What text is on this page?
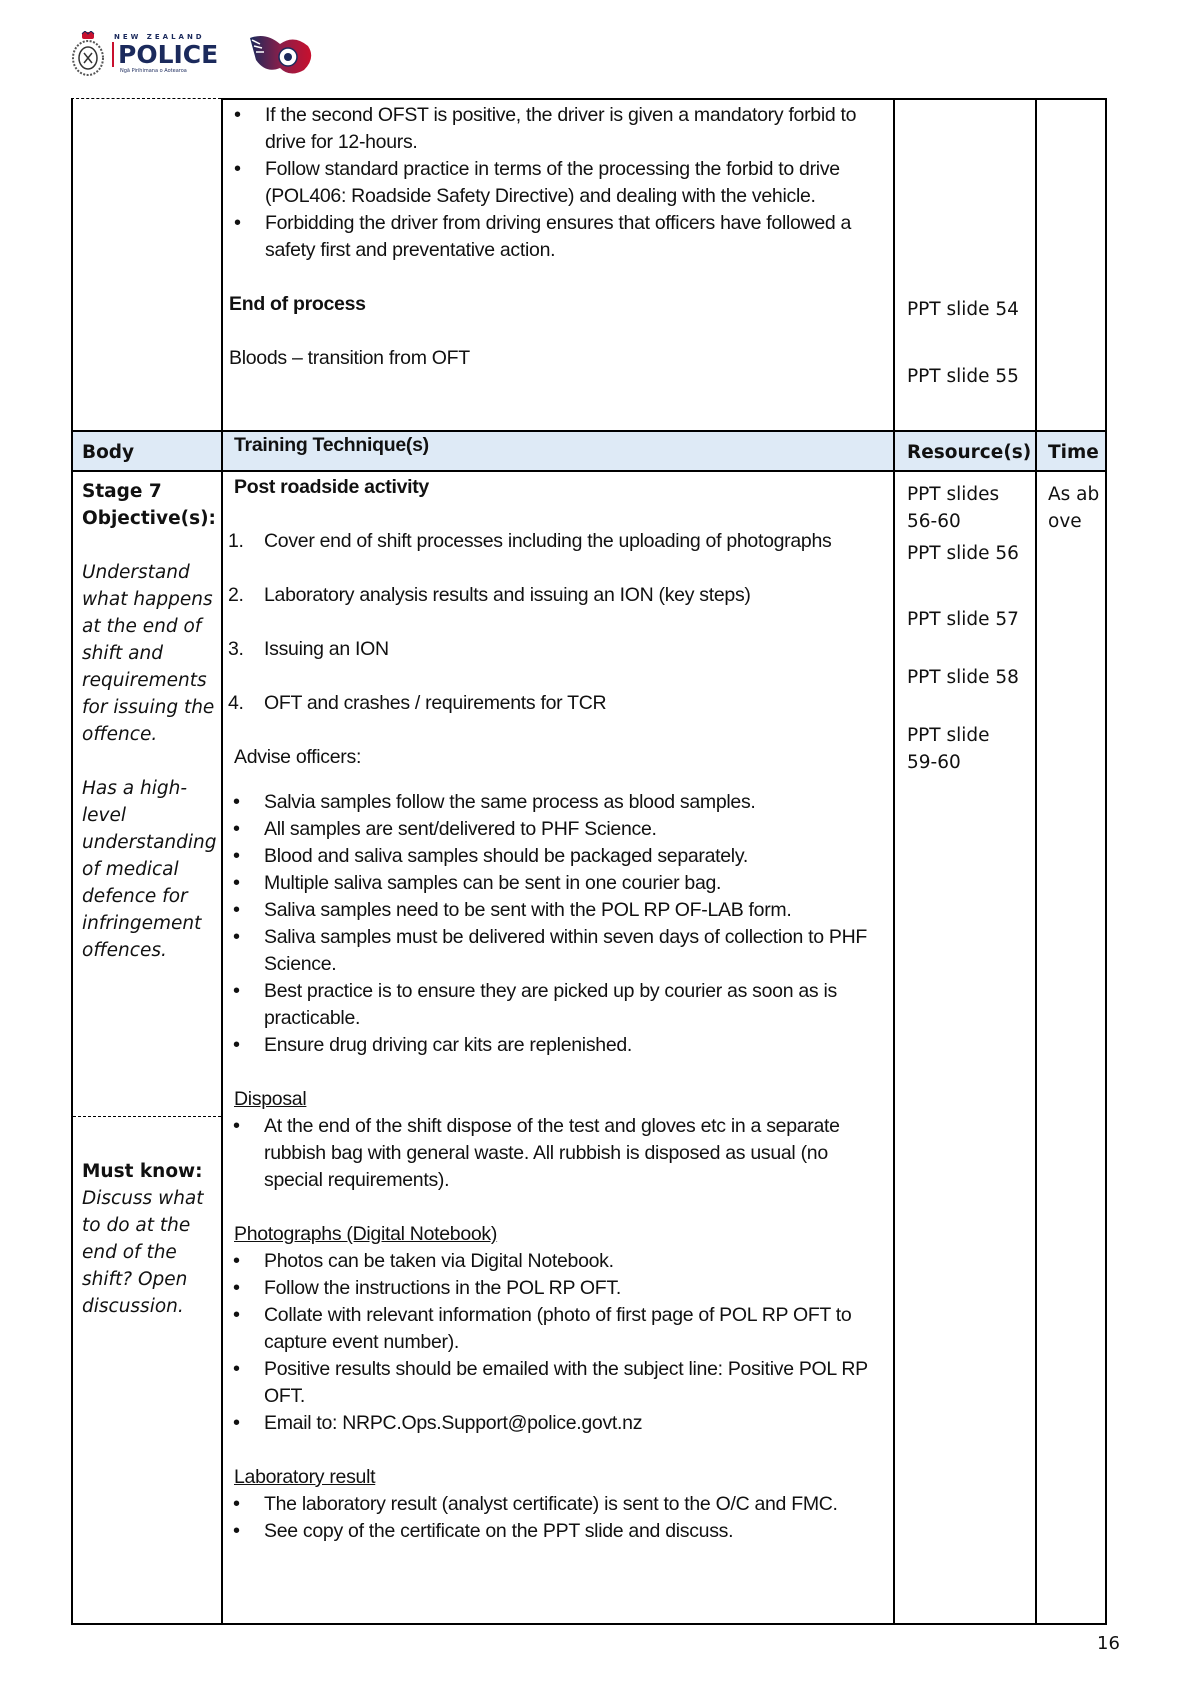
NEW ZEALAND
POLICE
Ngā Pirihimana o Aotearoa
• If the second OFST is positive, the driver is given a mandatory forbid to drive for 12-hours.
• Follow standard practice in terms of the processing the forbid to drive (POL406: Roadside Safety Directive) and dealing with the vehicle.
• Forbidding the driver from driving ensures that officers have followed a safety first and preventative action.
End of process
Bloods – transition from OFT
PPT slide 54
PPT slide 55
Body	Training Technique(s)	Resource(s) Time
Stage 7 Objective(s):
Understand what happens at the end of shift and requirements for issuing the offence.
Has a high-level understanding of medical defence for infringement offences.
Must know:
Discuss what to do at the end of the shift? Open discussion.
Post roadside activity
1. Cover end of shift processes including the uploading of photographs
2. Laboratory analysis results and issuing an ION (key steps)
3. Issuing an ION
4. OFT and crashes / requirements for TCR
Advise officers:
• Salvia samples follow the same process as blood samples.
• All samples are sent/delivered to PHF Science.
• Blood and saliva samples should be packaged separately.
• Multiple saliva samples can be sent in one courier bag.
• Saliva samples need to be sent with the POL RP OF-LAB form.
• Saliva samples must be delivered within seven days of collection to PHF Science.
• Best practice is to ensure they are picked up by courier as soon as is practicable.
• Ensure drug driving car kits are replenished.
Disposal
• At the end of the shift dispose of the test and gloves etc in a separate rubbish bag with general waste. All rubbish is disposed as usual (no special requirements).
Photographs (Digital Notebook)
• Photos can be taken via Digital Notebook.
• Follow the instructions in the POL RP OFT.
• Collate with relevant information (photo of first page of POL RP OFT to capture event number).
• Positive results should be emailed with the subject line: Positive POL RP OFT.
• Email to: NRPC.Ops.Support@police.govt.nz
Laboratory result
• The laboratory result (analyst certificate) is sent to the O/C and FMC.
• See copy of the certificate on the PPT slide and discuss.
PPT slides 56-60
PPT slide 56
PPT slide 57
PPT slide 58
PPT slide 59-60
As above
16
